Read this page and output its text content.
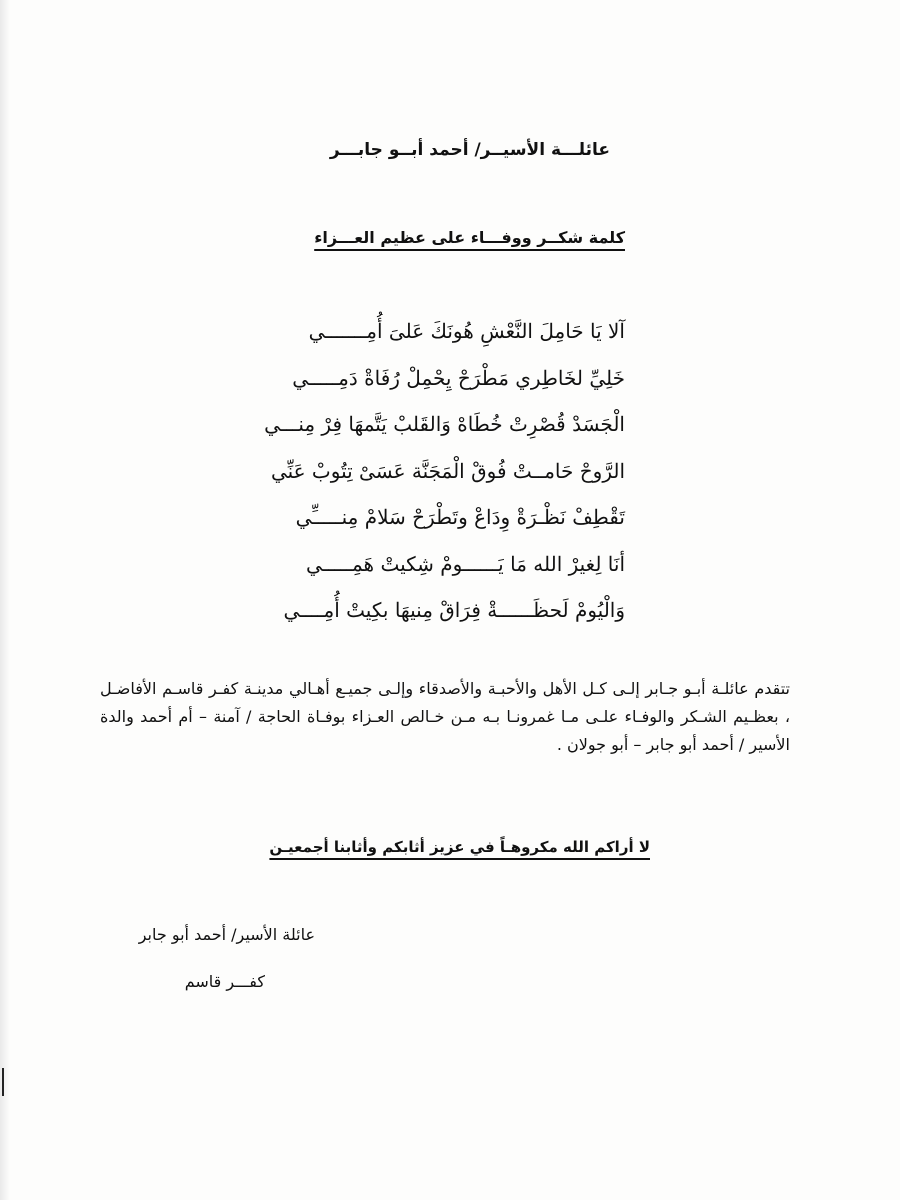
عائلـــة الأسيــر/ أحمد أبــو جابـــر
كلمة شكــر ووفـــاء على عظيم العـــزاء
آلا يَا حَامِلَ النَّعْشِ هُونَكَ عَلىَ أُمِـــــــي
خَلِيِّ لخَاطِري مَطْرَحْ يِحْمِلْ رُفَاةْ دَمِـــــي
الْجَسَدْ قُصْرِتْ خُطَاهْ وَالقَلبْ يَتَّمهَا فِرْ مِنـــي
الرَّوحْ حَامــتْ فُوقْ الْمَجَنَّة عَسَىْ تِتُوبْ عَنِّي
تَقْطِفْ نَظْـرَةْ وِدَاعْ وتَطْرَحْ سَلامْ مِنـــــِّي
أنَا لِغيرْ الله مَا يَــــــومْ شِكيتْ هَمِـــــي
وَالْيُومْ لَحظَــــــةْ فِرَاقْ مِنيهَا بكِيتْ أُمِــــي

تتقدم عائلـة أبـو جـابر إلـى كـل الأهل والأحبـة والأصدقاء وإلـى جميـع أهـالي مدينـة كفـر قاسـم الأفاضـل ، بعظـيم الشـكر والوفـاء علـى مـا غمرونـا بـه مـن خـالص العـزاء بوفـاة الحاجة / آمنة – أم أحمد والدة الأسير / أحمد أبو جابر – أبو جولان .

لا أراكم الله مكروهـاً في عزيز أثابكم وأثابنا أجمعيـن
عائلة الأسير/ أحمد أبو جابر
كفـــر قاسم
